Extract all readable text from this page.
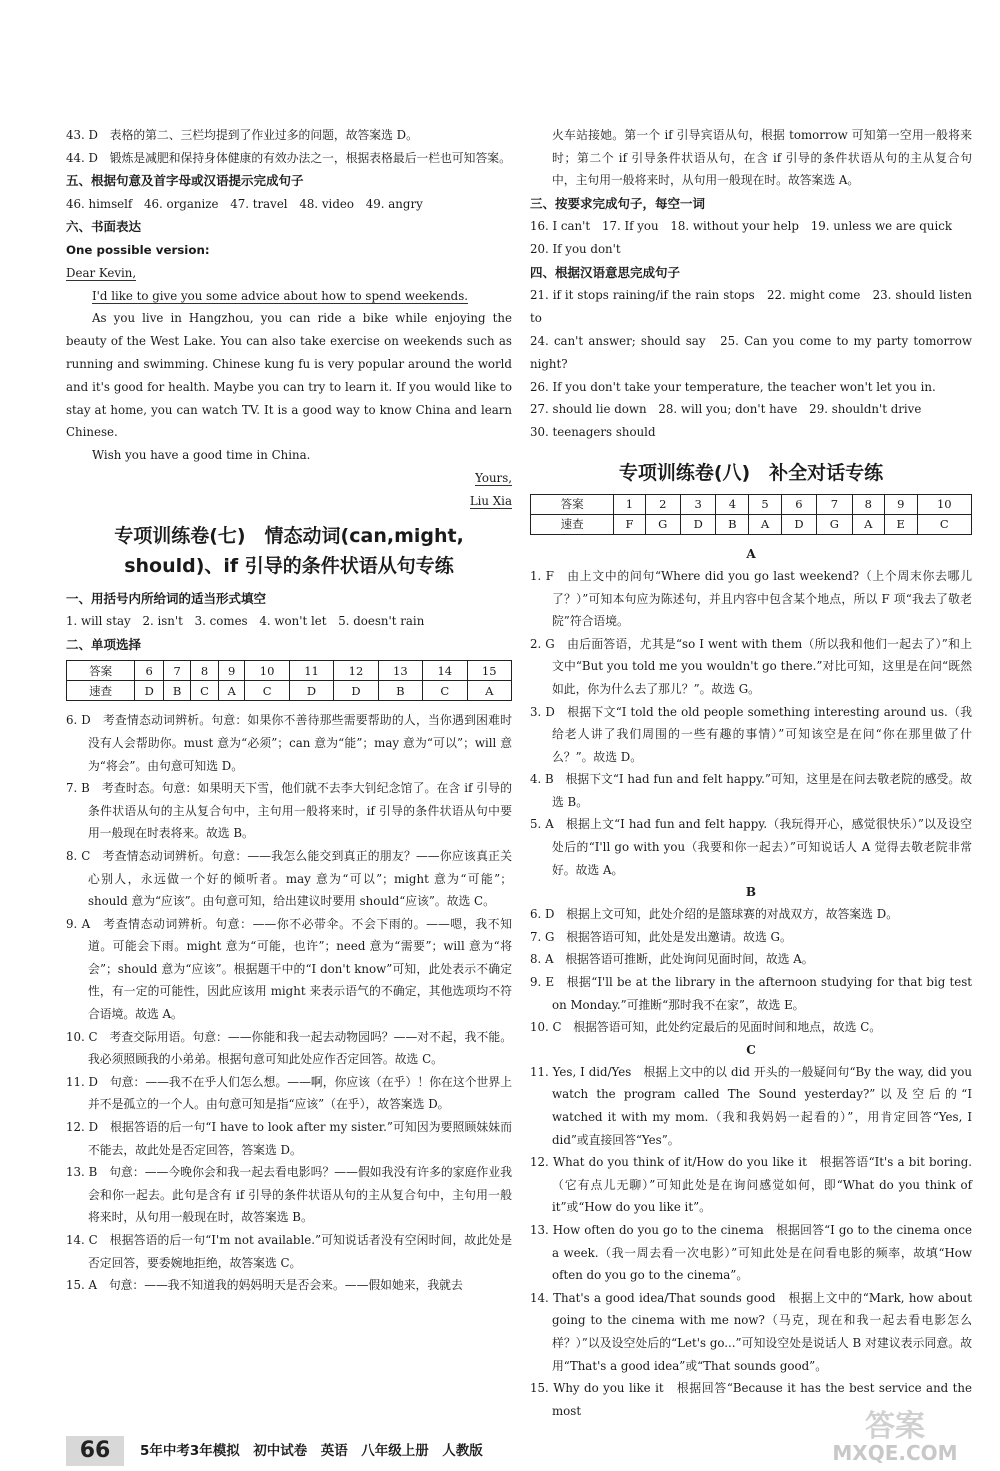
43. D　表格的第二、三栏均提到了作业过多的问题，故答案选 D。

44. D　锻炼是减肥和保持身体健康的有效办法之一，根据表格最后一栏也可知答案。

五、根据句意及首字母或汉语提示完成句子

46. himself　46. organize　47. travel　48. video　49. angry

六、书面表达

One possible version:

Dear Kevin,

I'd like to give you some advice about how to spend weekends.

As you live in Hangzhou, you can ride a bike while enjoying the beauty of the West Lake. You can also take exercise on weekends such as running and swimming. Chinese kung fu is very popular around the world and it's good for health. Maybe you can try to learn it. If you would like to stay at home, you can watch TV. It is a good way to know China and learn Chinese.

Wish you have a good time in China.

Yours,

Liu Xia

专项训练卷(七)　情态动词(can,might,
should)、if 引导的条件状语从句专练

一、用括号内所给词的适当形式填空

1. will stay　2. isn't　3. comes　4. won't let　5. doesn't rain

二、单项选择

答案	6	7	8	9	10	11	12	13	14	15
速查	D	B	C	A	C	D	D	B	C	A

6. D　考查情态动词辨析。句意：如果你不善待那些需要帮助的人，当你遇到困难时没有人会帮助你。must 意为“必须”；can 意为“能”；may 意为“可以”；will 意为“将会”。由句意可知选 D。

7. B　考查时态。句意：如果明天下雪，他们就不去李大钊纪念馆了。在含 if 引导的条件状语从句的主从复合句中，主句用一般将来时，if 引导的条件状语从句中要用一般现在时表将来。故选 B。

8. C　考查情态动词辨析。句意：——我怎么能交到真正的朋友？——你应该真正关心别人，永远做一个好的倾听者。may 意为“可以”；might 意为“可能”；should 意为“应该”。由句意可知，给出建议时要用 should“应该”。故选 C。

9. A　考查情态动词辨析。句意：——你不必带伞。不会下雨的。——嗯，我不知道。可能会下雨。might 意为“可能，也许”；need 意为“需要”；will 意为“将会”；should 意为“应该”。根据题干中的“I don't know”可知，此处表示不确定性，有一定的可能性，因此应该用 might 来表示语气的不确定，其他选项均不符合语境。故选 A。

10. C　考查交际用语。句意：——你能和我一起去动物园吗？——对不起，我不能。我必须照顾我的小弟弟。根据句意可知此处应作否定回答。故选 C。

11. D　句意：——我不在乎人们怎么想。——啊，你应该（在乎）！你在这个世界上并不是孤立的一个人。由句意可知是指“应该”（在乎），故答案选 D。

12. D　根据答语的后一句“I have to look after my sister.”可知因为要照顾妹妹而不能去，故此处是否定回答，答案选 D。

13. B　句意：——今晚你会和我一起去看电影吗？——假如我没有许多的家庭作业我会和你一起去。此句是含有 if 引导的条件状语从句的主从复合句中，主句用一般将来时，从句用一般现在时，故答案选 B。

14. C　根据答语的后一句“I'm not available.”可知说话者没有空闲时间，故此处是否定回答，要委婉地拒绝，故答案选 C。

15. A　句意：——我不知道我的妈妈明天是否会来。——假如她来，我就去

火车站接她。第一个 if 引导宾语从句，根据 tomorrow 可知第一空用一般将来时；第二个 if 引导条件状语从句，在含 if 引导的条件状语从句的主从复合句中，主句用一般将来时，从句用一般现在时。故答案选 A。

三、按要求完成句子，每空一词

16. I can't　17. If you　18. without your help　19. unless we are quick

20. If you don't

四、根据汉语意思完成句子

21. if it stops raining/if the rain stops　22. might come　23. should listen to

24. can't answer; should say　25. Can you come to my party tomorrow night?

26. If you don't take your temperature, the teacher won't let you in.

27. should lie down　28. will you; don't have　29. shouldn't drive

30. teenagers should

专项训练卷(八)　补全对话专练
答案	1	2	3	4	5	6	7	8	9	10
速查	F	G	D	B	A	D	G	A	E	C

A

1. F　由上文中的问句“Where did you go last weekend?（上个周末你去哪儿了？）”可知本句应为陈述句，并且内容中包含某个地点，所以 F 项“我去了敬老院”符合语境。

2. G　由后面答语，尤其是“so I went with them（所以我和他们一起去了）”和上文中“But you told me you wouldn't go there.”对比可知，这里是在问“既然如此，你为什么去了那儿？”。故选 G。

3. D　根据下文“I told the old people something interesting around us.（我给老人讲了我们周围的一些有趣的事情）”可知该空是在问“你在那里做了什么？”。故选 D。

4. B　根据下文“I had fun and felt happy.”可知，这里是在问去敬老院的感受。故选 B。

5. A　根据上文“I had fun and felt happy.（我玩得开心，感觉很快乐）”以及设空处后的“I'll go with you（我要和你一起去）”可知说话人 A 觉得去敬老院非常好。故选 A。

B

6. D　根据上文可知，此处介绍的是篮球赛的对战双方，故答案选 D。

7. G　根据答语可知，此处是发出邀请。故选 G。

8. A　根据答语可推断，此处询问见面时间，故选 A。

9. E　根据“I'll be at the library in the afternoon studying for that big test on Monday.”可推断“那时我不在家”，故选 E。

10. C　根据答语可知，此处约定最后的见面时间和地点，故选 C。

C

11. Yes, I did/Yes　根据上文中的以 did 开头的一般疑问句“By the way, did you watch the program called The Sound yesterday?”以及空后的“I watched it with my mom.（我和我妈妈一起看的）”，用肯定回答“Yes, I did”或直接回答“Yes”。

12. What do you think of it/How do you like it　根据答语“It's a bit boring.（它有点儿无聊）”可知此处是在询问感觉如何，即“What do you think of it”或“How do you like it”。

13. How often do you go to the cinema　根据回答“I go to the cinema once a week.（我一周去看一次电影）”可知此处是在问看电影的频率，故填“How often do you go to the cinema”。

14. That's a good idea/That sounds good　根据上文中的“Mark, how about going to the cinema with me now?（马克，现在和我一起去看电影怎么样？）”以及设空处后的“Let's go...”可知设空处是说话人 B 对建议表示同意。故用“That's a good idea”或“That sounds good”。

15. Why do you like it　根据回答“Because it has the best service and the most

66	5年中考3年模拟　初中试卷　英语　八年级上册　人教版
答案
MXQE.COM
